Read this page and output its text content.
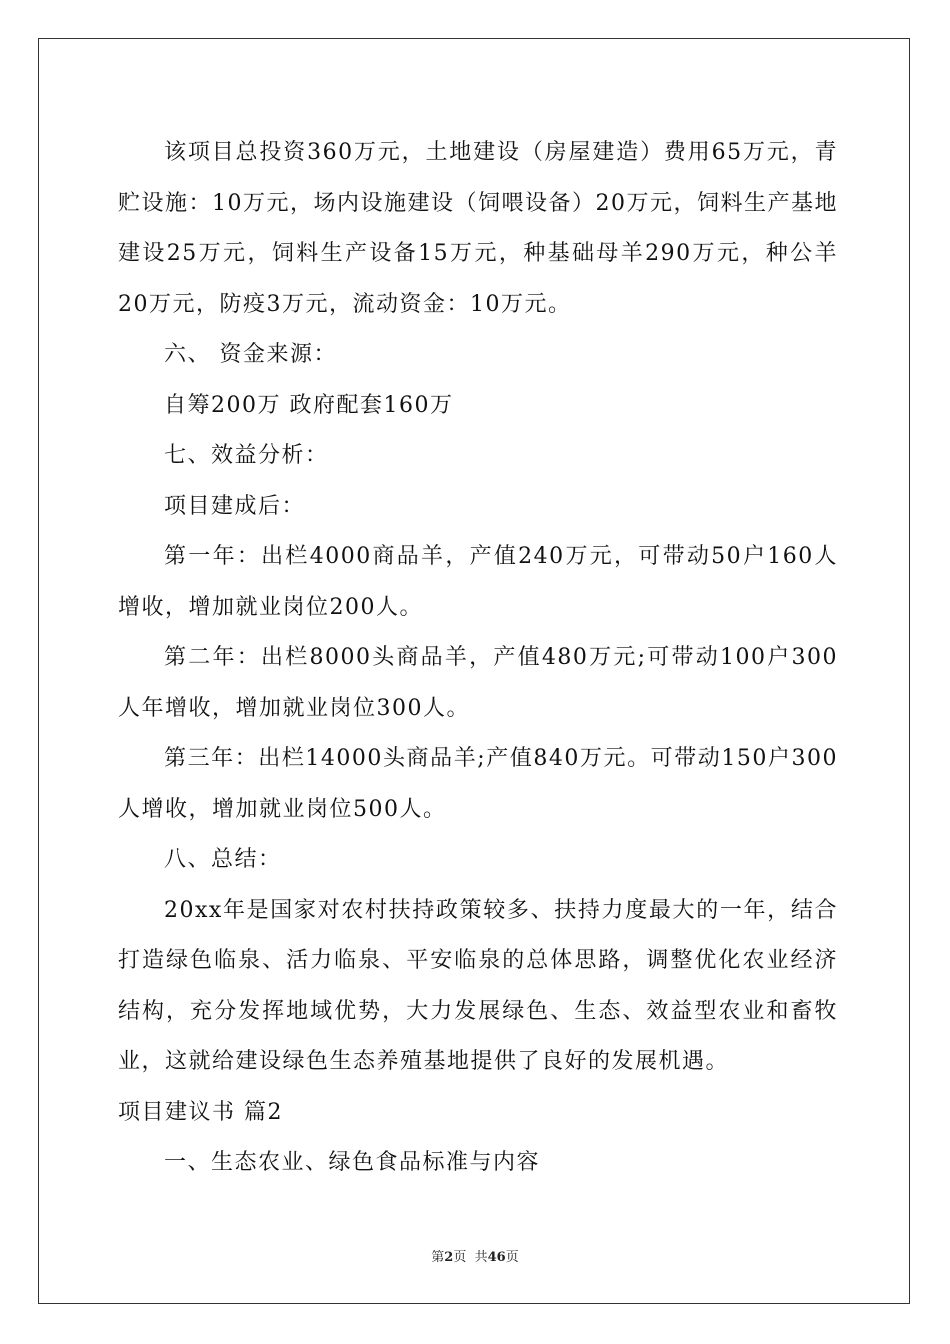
该项目总投资360万元，土地建设（房屋建造）费用65万元，青贮设施：10万元，场内设施建设（饲喂设备）20万元，饲料生产基地建设25万元，饲料生产设备15万元，种基础母羊290万元，种公羊20万元，防疫3万元，流动资金：10万元。

六、 资金来源：

自筹200万 政府配套160万

七、效益分析：

项目建成后：

第一年：出栏4000商品羊，产值240万元，可带动50户160人增收，增加就业岗位200人。

第二年：出栏8000头商品羊，产值480万元;可带动100户300人年增收，增加就业岗位300人。

第三年：出栏14000头商品羊;产值840万元。可带动150户300人增收，增加就业岗位500人。

八、总结：

20xx年是国家对农村扶持政策较多、扶持力度最大的一年，结合打造绿色临泉、活力临泉、平安临泉的总体思路，调整优化农业经济结构，充分发挥地域优势，大力发展绿色、生态、效益型农业和畜牧业，这就给建设绿色生态养殖基地提供了良好的发展机遇。

项目建议书 篇2

一、生态农业、绿色食品标准与内容

第2页  共46页
